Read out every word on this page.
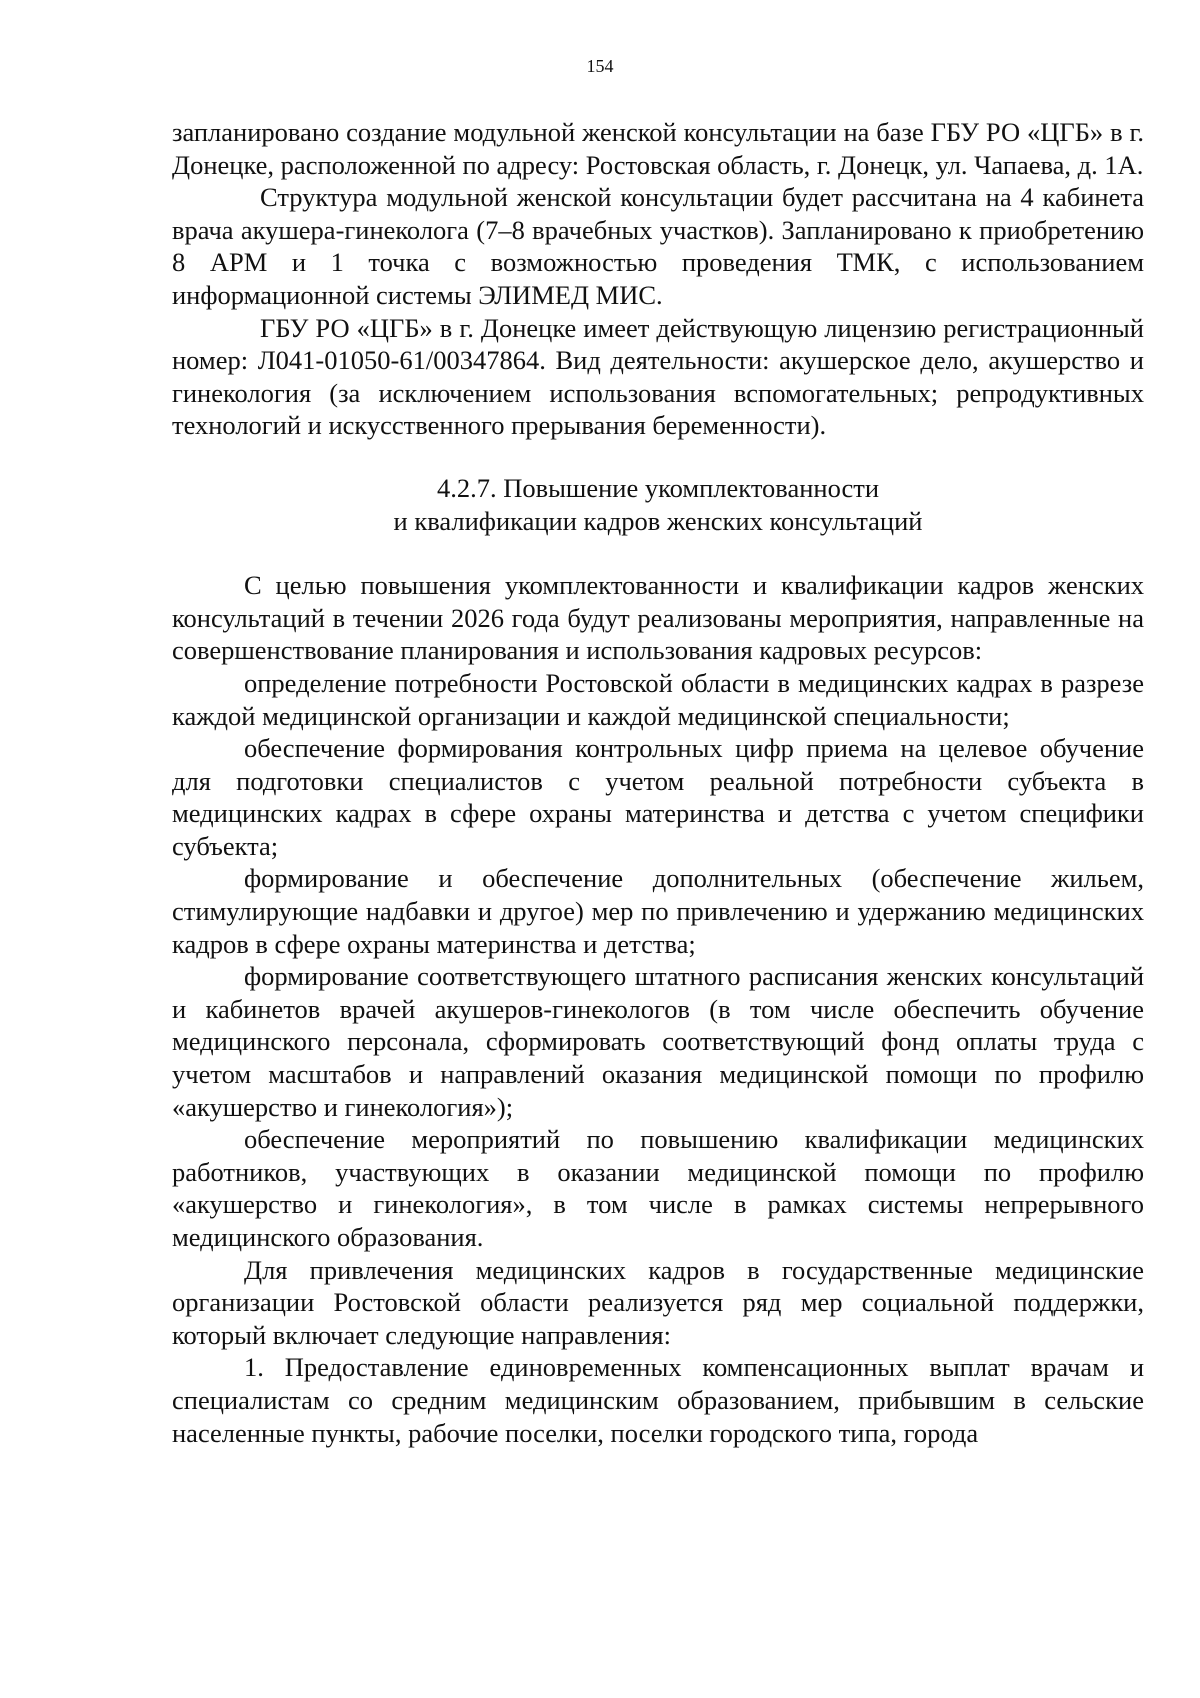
154

запланировано создание модульной женской консультации на базе ГБУ РО «ЦГБ» в г. Донецке, расположенной по адресу: Ростовская область, г. Донецк, ул. Чапаева, д. 1А.

Структура модульной женской консультации будет рассчитана на 4 кабинета врача акушера-гинеколога (7–8 врачебных участков). Запланировано к приобретению 8 АРМ и 1 точка с возможностью проведения ТМК, с использованием информационной системы ЭЛИМЕД МИС.

ГБУ РО «ЦГБ» в г. Донецке имеет действующую лицензию регистрационный номер: Л041-01050-61/00347864. Вид деятельности: акушерское дело, акушерство и гинекология (за исключением использования вспомогательных; репродуктивных технологий и искусственного прерывания беременности).

4.2.7. Повышение укомплектованности
и квалификации кадров женских консультаций

С целью повышения укомплектованности и квалификации кадров женских консультаций в течении 2026 года будут реализованы мероприятия, направленные на совершенствование планирования и использования кадровых ресурсов:

определение потребности Ростовской области в медицинских кадрах в разрезе каждой медицинской организации и каждой медицинской специальности;

обеспечение формирования контрольных цифр приема на целевое обучение для подготовки специалистов с учетом реальной потребности субъекта в медицинских кадрах в сфере охраны материнства и детства с учетом специфики субъекта;

формирование и обеспечение дополнительных (обеспечение жильем, стимулирующие надбавки и другое) мер по привлечению и удержанию медицинских кадров в сфере охраны материнства и детства;

формирование соответствующего штатного расписания женских консультаций и кабинетов врачей акушеров-гинекологов (в том числе обеспечить обучение медицинского персонала, сформировать соответствующий фонд оплаты труда с учетом масштабов и направлений оказания медицинской помощи по профилю «акушерство и гинекология»);

обеспечение мероприятий по повышению квалификации медицинских работников, участвующих в оказании медицинской помощи по профилю «акушерство и гинекология», в том числе в рамках системы непрерывного медицинского образования.

Для привлечения медицинских кадров в государственные медицинские организации Ростовской области реализуется ряд мер социальной поддержки, который включает следующие направления:

1. Предоставление единовременных компенсационных выплат врачам и специалистам со средним медицинским образованием, прибывшим в сельские населенные пункты, рабочие поселки, поселки городского типа, города
